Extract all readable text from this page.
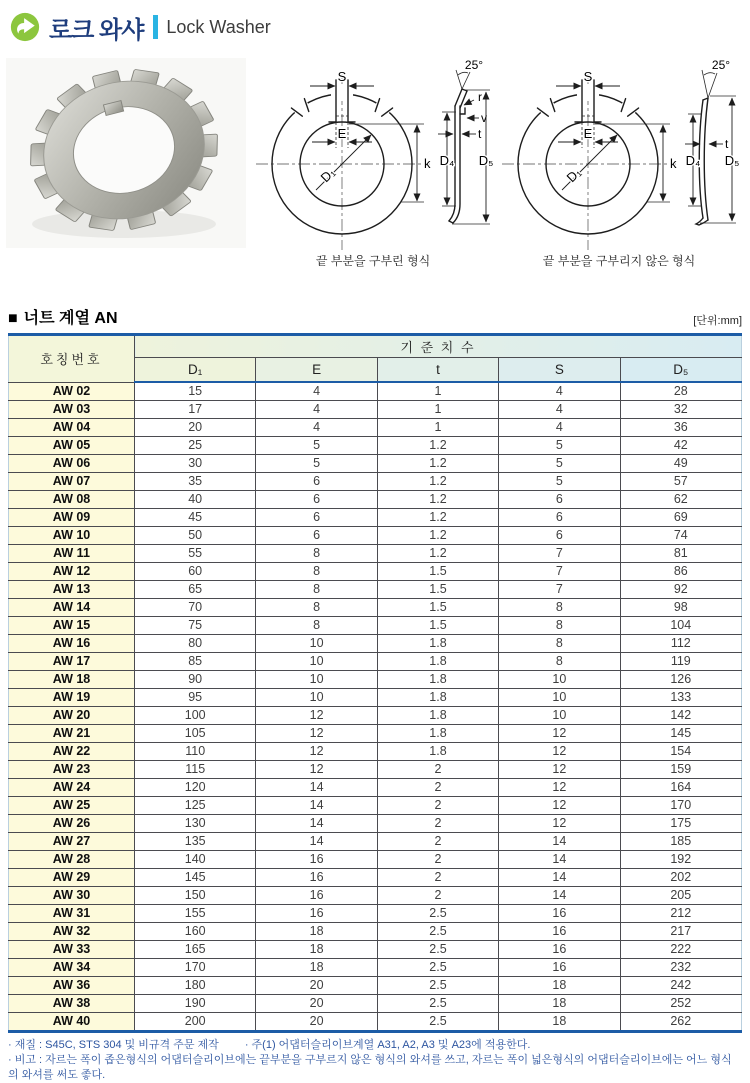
로크 와샤 Lock Washer
S
E
D₁
k
25°
r
v
t
D₄ D₅
끝 부분을 구부린 형식
S
E
D₁
k
25°
t
D₄ D₅
끝 부분을 구부리지 않은 형식
■ 너트 계열 AN	[단위:mm]
호칭번호	기 준 치 수				
	D₁	E	t	S	D₅
AW 02	15	4	1	4	28
AW 03	17	4	1	4	32
AW 04	20	4	1	4	36
AW 05	25	5	1.2	5	42
AW 06	30	5	1.2	5	49
AW 07	35	6	1.2	5	57
AW 08	40	6	1.2	6	62
AW 09	45	6	1.2	6	69
AW 10	50	6	1.2	6	74
AW 11	55	8	1.2	7	81
AW 12	60	8	1.5	7	86
AW 13	65	8	1.5	7	92
AW 14	70	8	1.5	8	98
AW 15	75	8	1.5	8	104
AW 16	80	10	1.8	8	112
AW 17	85	10	1.8	8	119
AW 18	90	10	1.8	10	126
AW 19	95	10	1.8	10	133
AW 20	100	12	1.8	10	142
AW 21	105	12	1.8	12	145
AW 22	110	12	1.8	12	154
AW 23	115	12	2	12	159
AW 24	120	14	2	12	164
AW 25	125	14	2	12	170
AW 26	130	14	2	12	175
AW 27	135	14	2	14	185
AW 28	140	16	2	14	192
AW 29	145	16	2	14	202
AW 30	150	16	2	14	205
AW 31	155	16	2.5	16	212
AW 32	160	18	2.5	16	217
AW 33	165	18	2.5	16	222
AW 34	170	18	2.5	16	232
AW 36	180	20	2.5	18	242
AW 38	190	20	2.5	18	252
AW 40	200	20	2.5	18	262
· 재질 : S45C, STS 304 및 비규격 주문 제작 · 주(1) 어댑터슬리이브계열 A31, A2, A3 및 A23에 적용한다.
· 비고 : 자르는 폭이 좁은형식의 어댑터슬리이브에는 끝부분을 구부르지 않은 형식의 와셔를 쓰고, 자르는 폭이 넓은형식의 어댑터슬리이브에는 어느 형식의 와셔를 써도 좋다.
